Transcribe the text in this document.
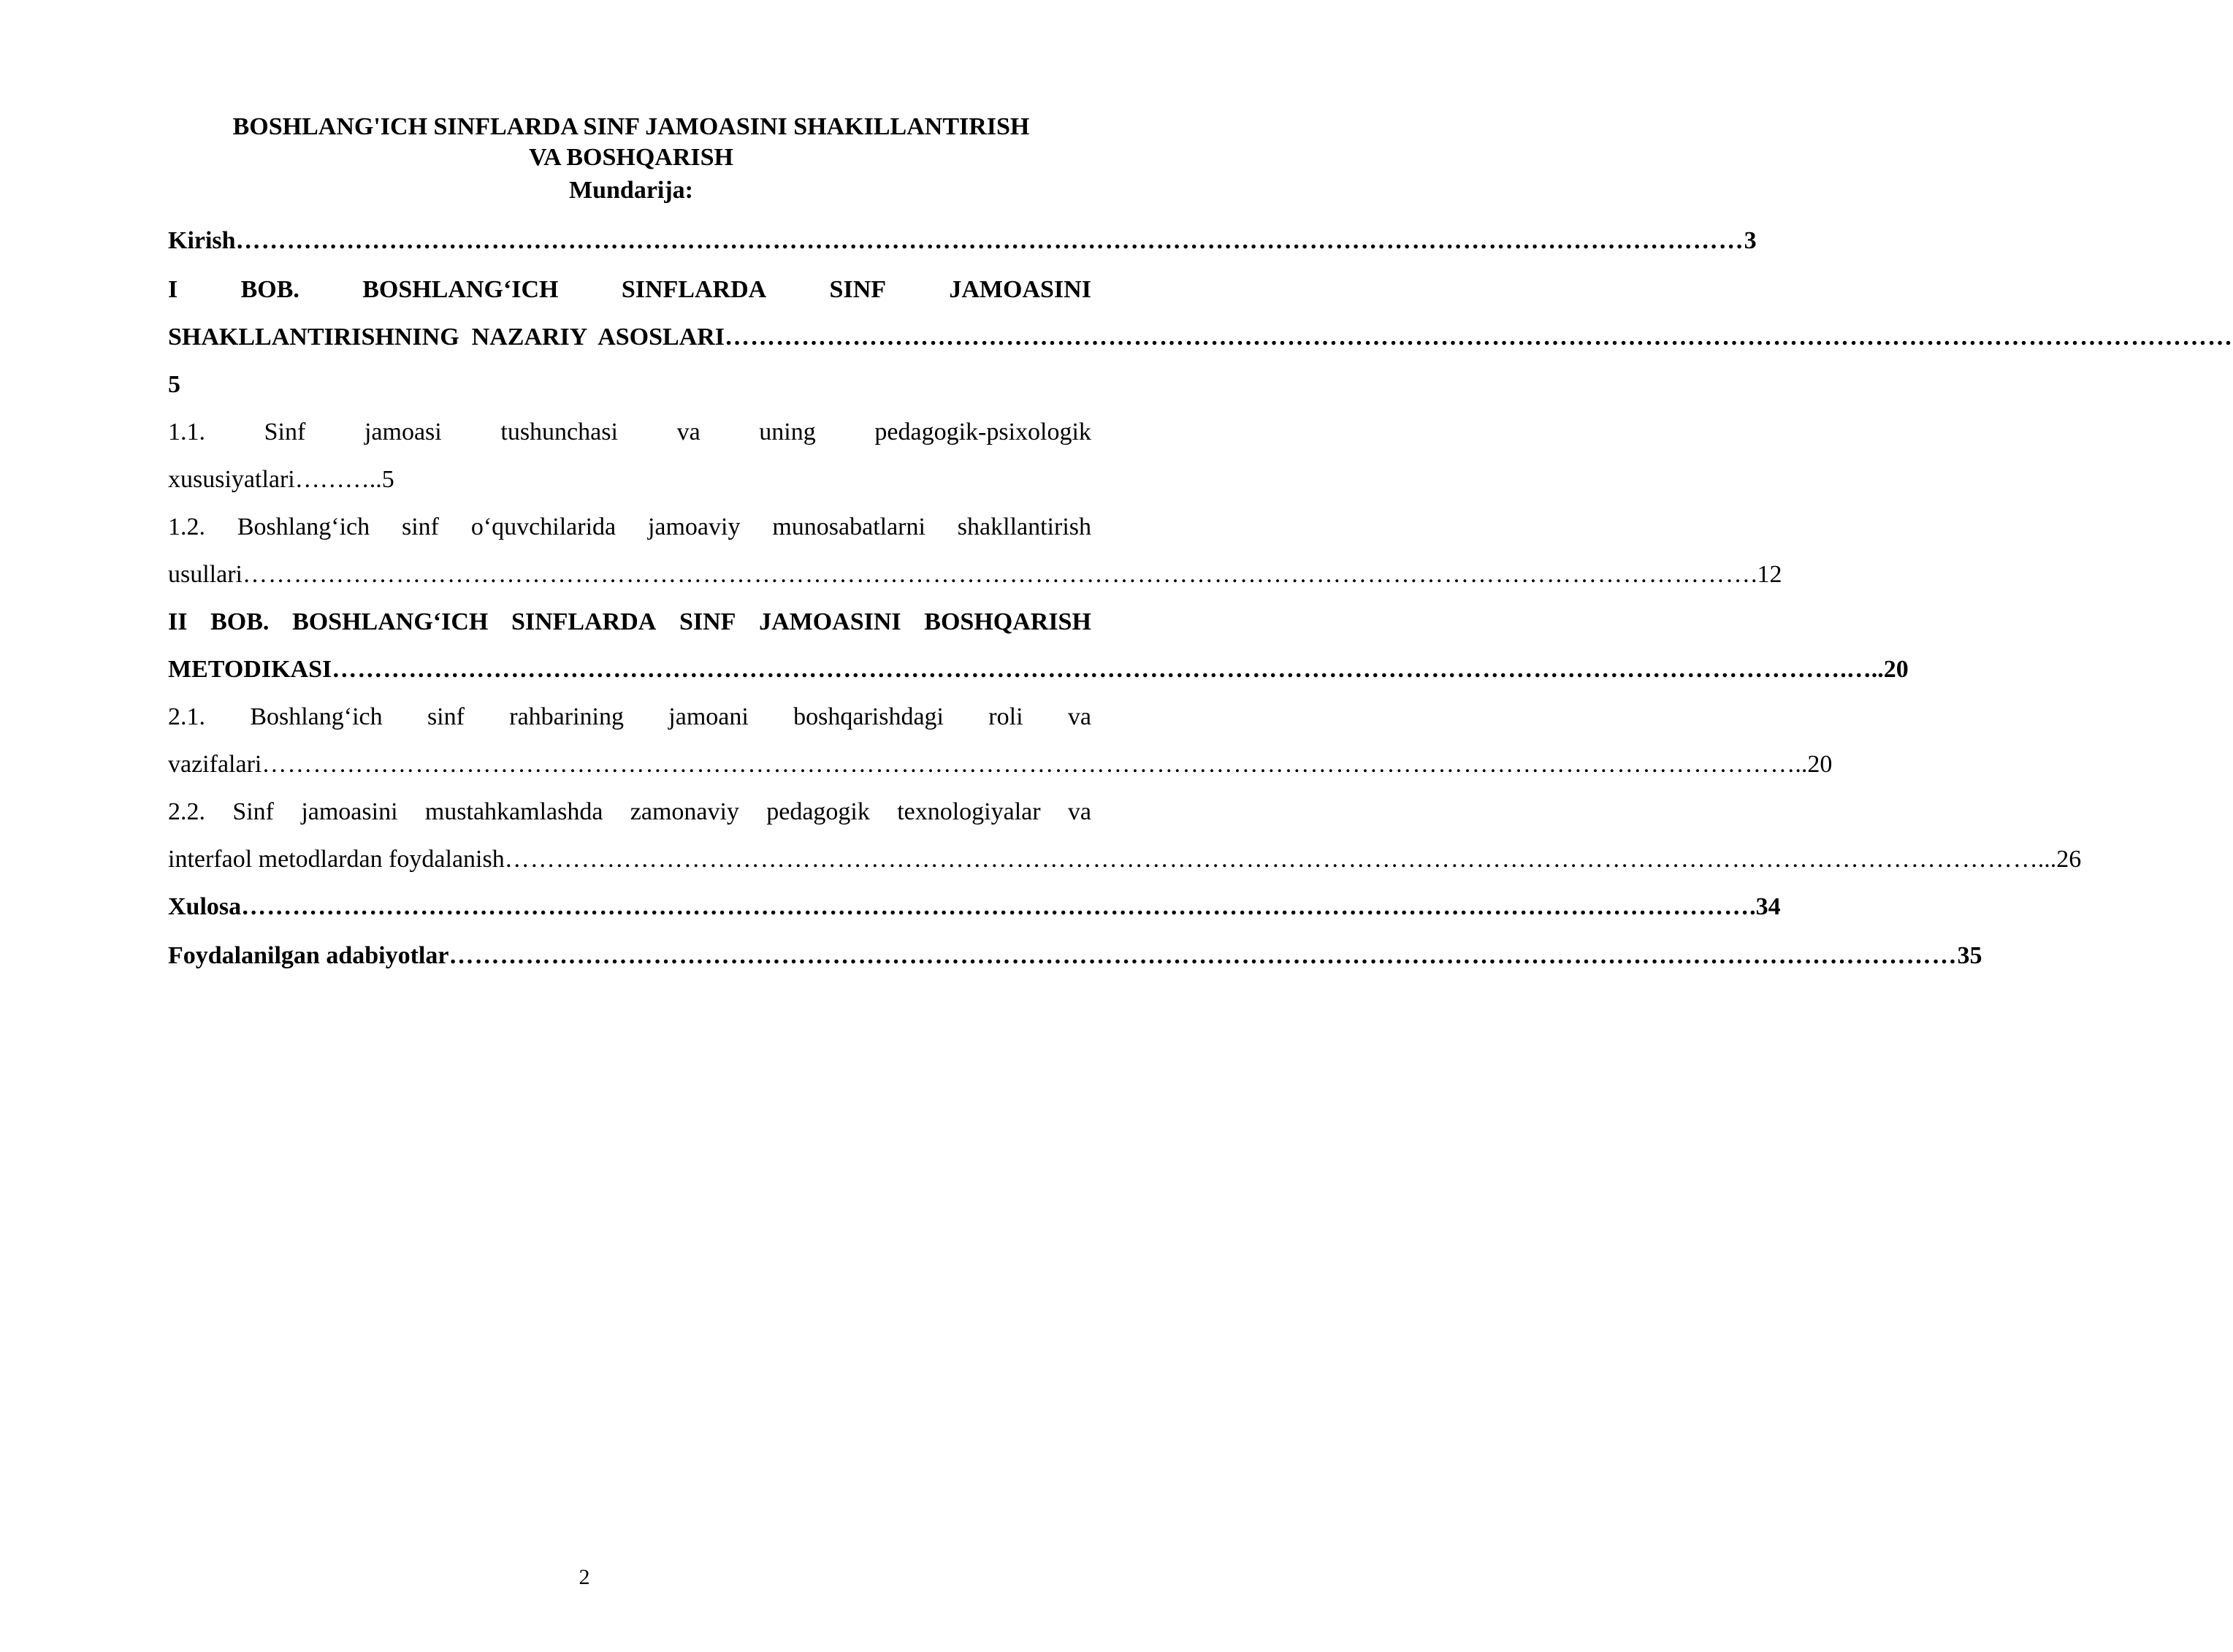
BOSHLANG'ICH SINFLARDA SINF JAMOASINI SHAKILLANTIRISH
VA BOSHQARISH
Mundarija:
Kirish …………………………………………………………………………………………………………………………………………………………… 3
I	BOB.	BOSHLANG‘ICH	SINFLARDA	SINF	JAMOASINI
SHAKLLANTIRISHNING  NAZARIY  ASOSLARI ……………………………………………………………………………………………………………………………………………………………
5
1.1. Sinf jamoasi tushunchasi va uning pedagogik-psixologik
xususiyatlari………..5
1.2. Boshlang‘ich sinf o‘quvchilarida jamoaviy munosabatlarni shakllantirish
usullari …………………………………………………………………………………………………………………………………………………………… .12
II BOB. BOSHLANG‘ICH SINFLARDA SINF JAMOASINI BOSHQARISH
METODIKASI …………………………………………………………………………………………………………………………………………………………… .…..20
2.1. Boshlang‘ich sinf rahbarining jamoani boshqarishdagi roli va
vazifalari …………………………………………………………………………………………………………………………………………………………… …..20
2.2. Sinf jamoasini mustahkamlashda zamonaviy pedagogik texnologiyalar va
interfaol metodlardan foydalanish …………………………………………………………………………………………………………………………………………………………… …...26
Xulosa …………………………………………………………………………………………………………………………………………………………… .34
Foydalanilgan adabiyotlar …………………………………………………………………………………………………………………………………………………………… 35
2
